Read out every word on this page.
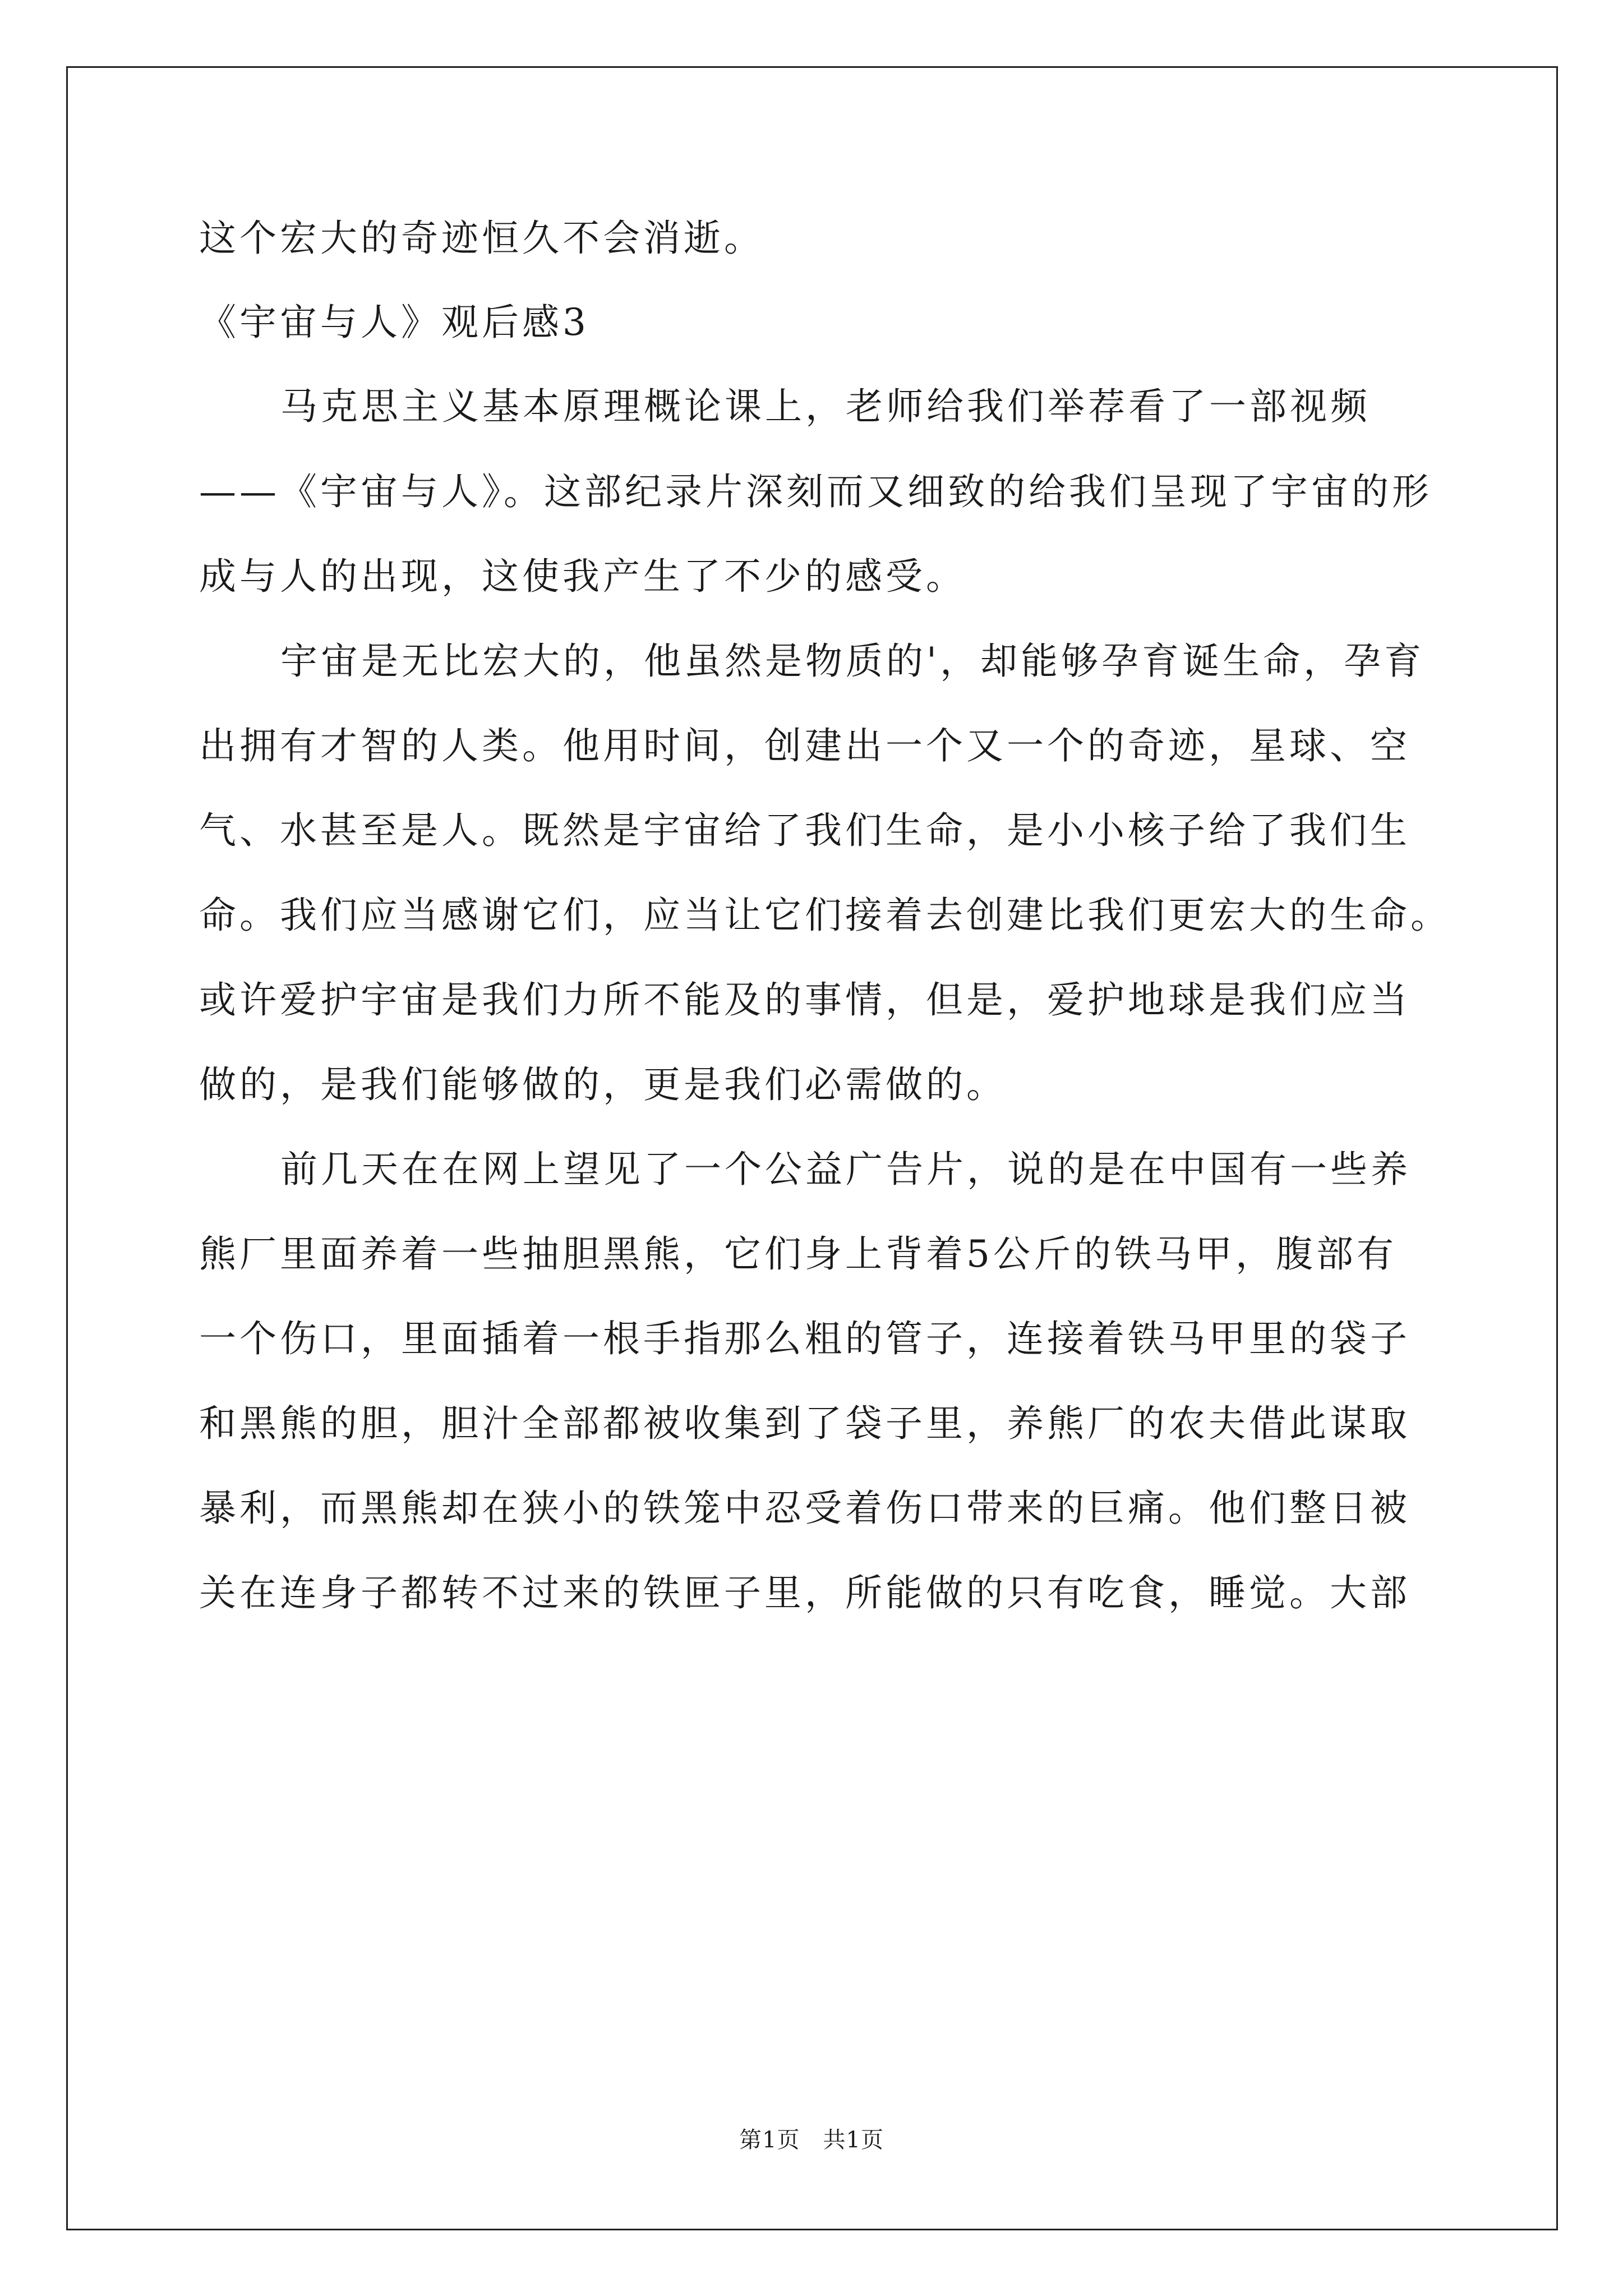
这个宏大的奇迹恒久不会消逝。
《宇宙与人》观后感3
马克思主义基本原理概论课上，老师给我们举荐看了一部视频
——《宇宙与人》。这部纪录片深刻而又细致的给我们呈现了宇宙的形
成与人的出现，这使我产生了不少的感受。
宇宙是无比宏大的，他虽然是物质的'，却能够孕育诞生命，孕育
出拥有才智的人类。他用时间，创建出一个又一个的奇迹，星球、空
气、水甚至是人。既然是宇宙给了我们生命，是小小核子给了我们生
命。我们应当感谢它们，应当让它们接着去创建比我们更宏大的生命。
或许爱护宇宙是我们力所不能及的事情，但是，爱护地球是我们应当
做的，是我们能够做的，更是我们必需做的。
前几天在在网上望见了一个公益广告片，说的是在中国有一些养
熊厂里面养着一些抽胆黑熊，它们身上背着5公斤的铁马甲，腹部有
一个伤口，里面插着一根手指那么粗的管子，连接着铁马甲里的袋子
和黑熊的胆，胆汁全部都被收集到了袋子里，养熊厂的农夫借此谋取
暴利，而黑熊却在狭小的铁笼中忍受着伤口带来的巨痛。他们整日被
关在连身子都转不过来的铁匣子里，所能做的只有吃食，睡觉。大部
第1页　共1页
